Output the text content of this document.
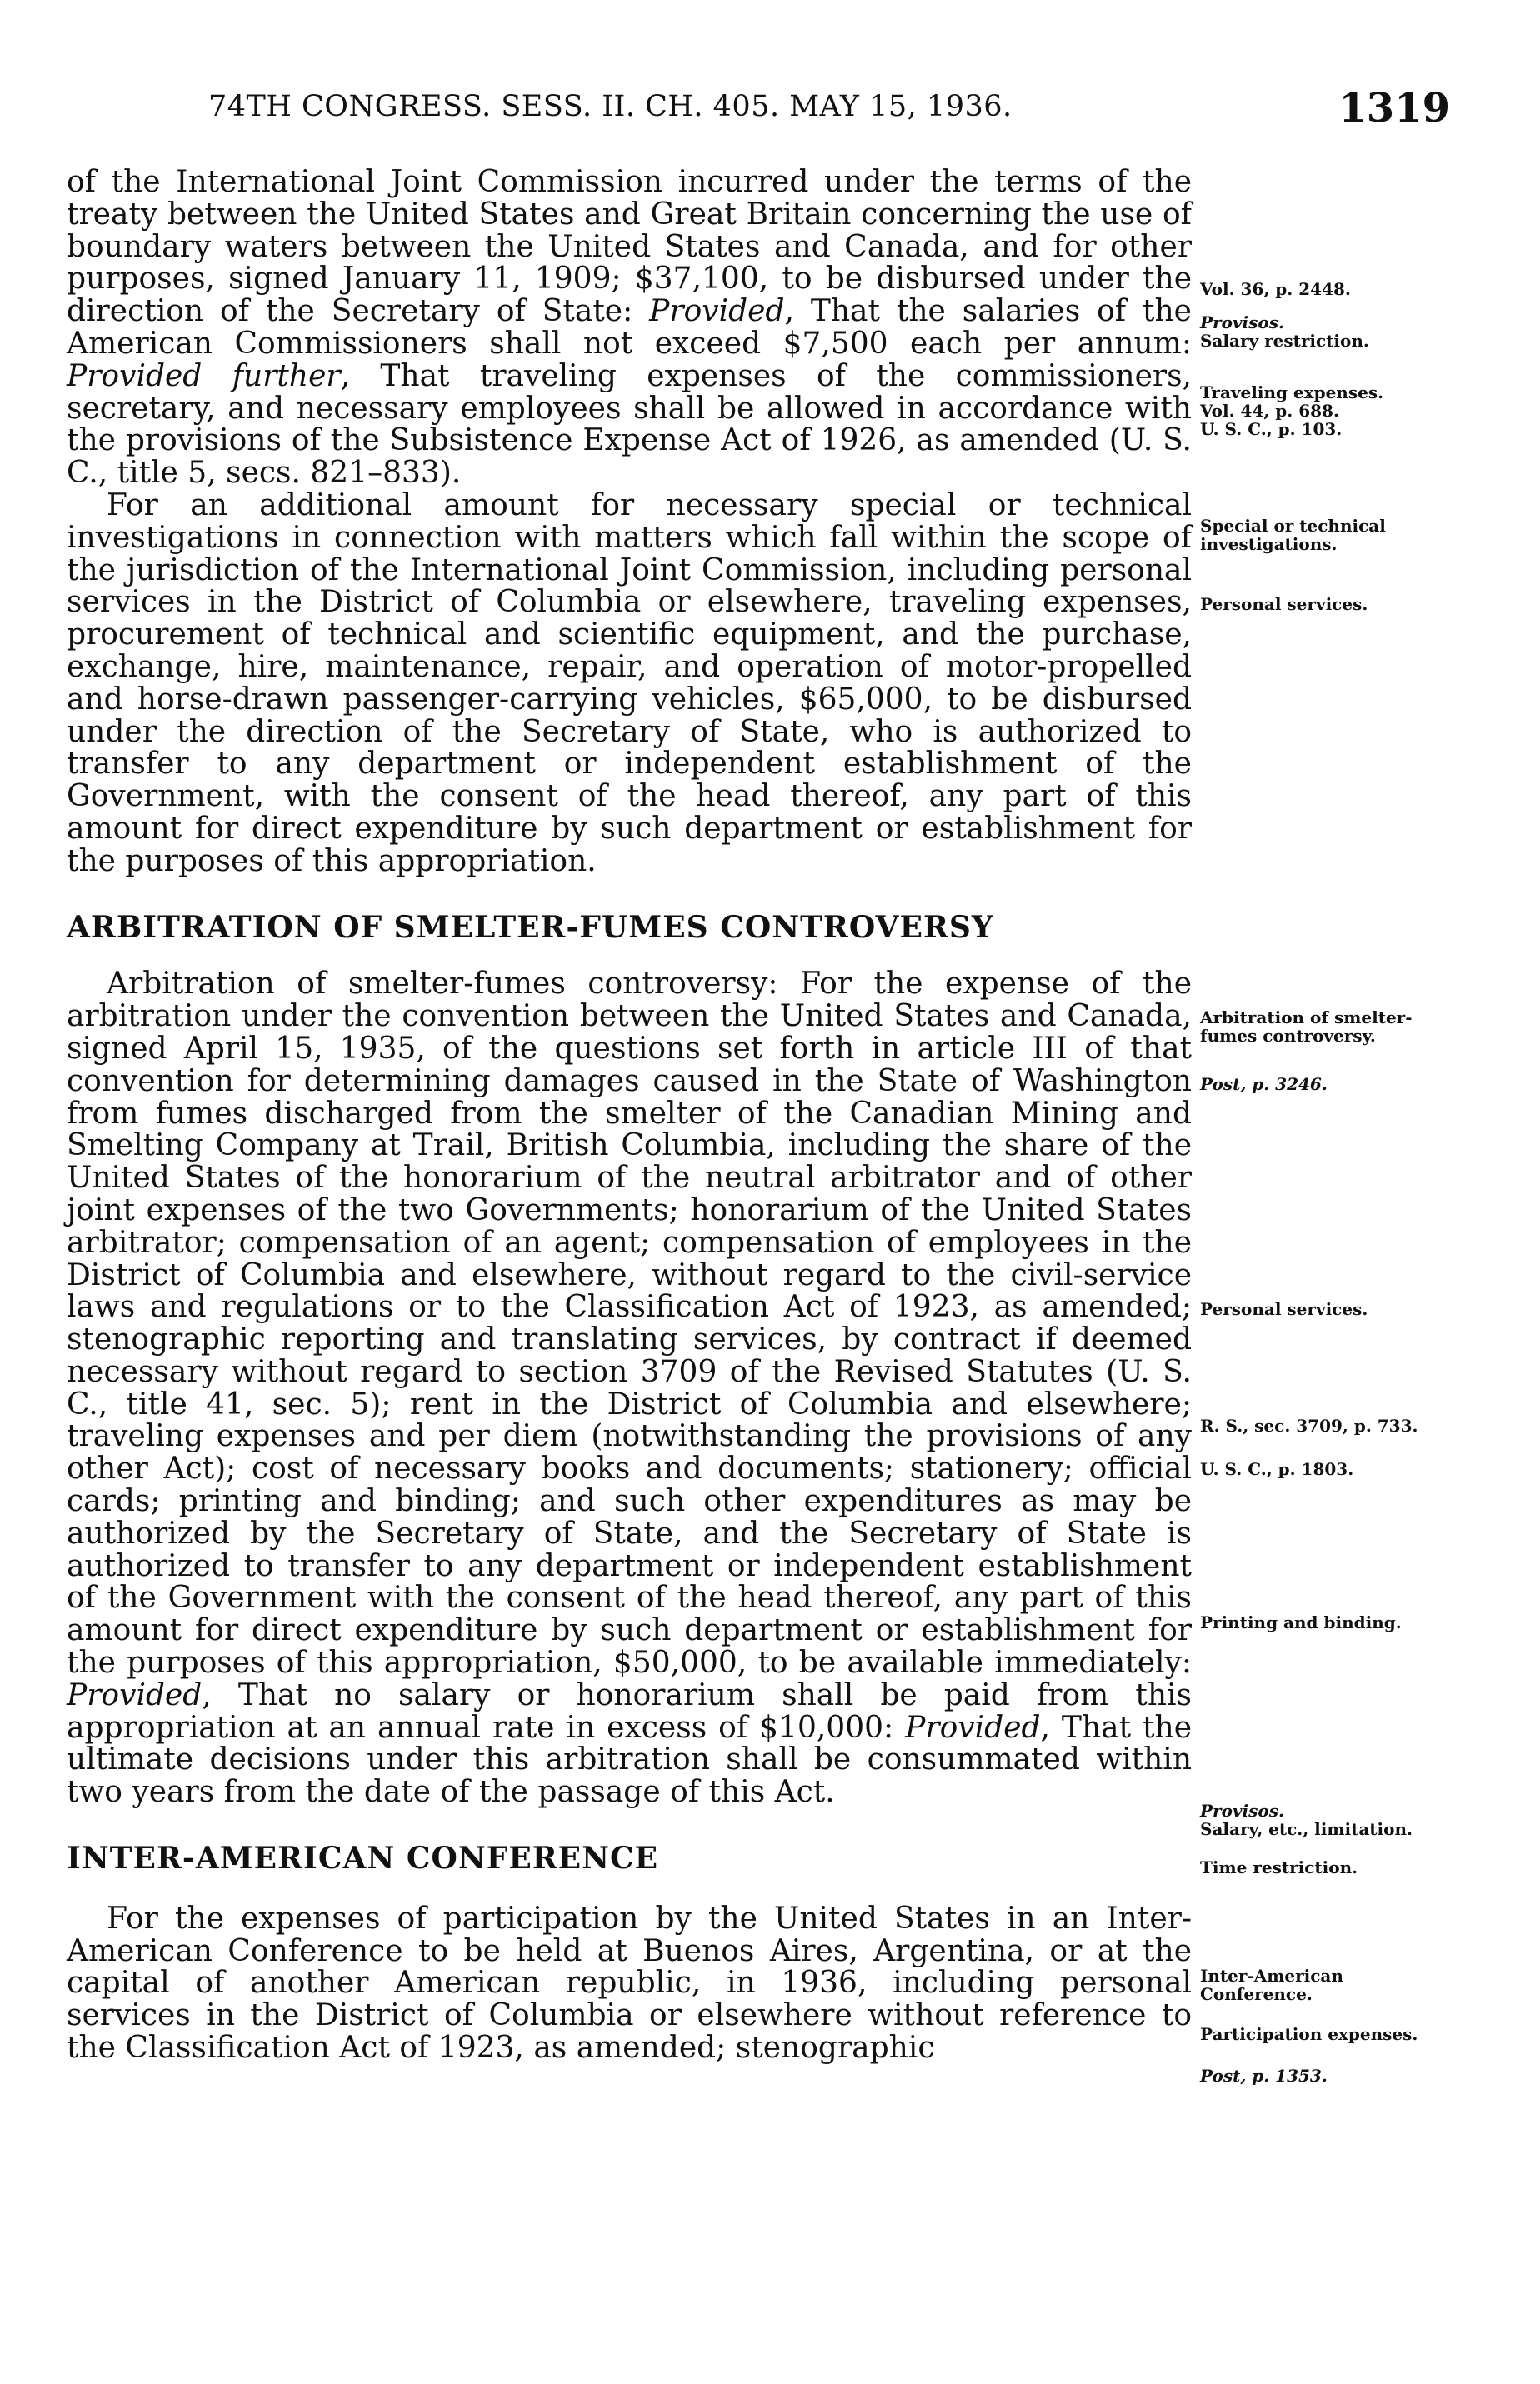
74TH CONGRESS. SESS. II. CH. 405. MAY 15, 1936.	1319

of the International Joint Commission incurred under the terms of the treaty between the United States and Great Britain concerning the use of boundary waters between the United States and Canada, and for other purposes, signed January 11, 1909; $37,100, to be disbursed under the direction of the Secretary of State: Provided, That the salaries of the American Commissioners shall not exceed $7,500 each per annum: Provided further, That traveling expenses of the commissioners, secretary, and necessary employees shall be allowed in accordance with the provisions of the Subsistence Expense Act of 1926, as amended (U. S. C., title 5, secs. 821–833).

For an additional amount for necessary special or technical investigations in connection with matters which fall within the scope of the jurisdiction of the International Joint Commission, including personal services in the District of Columbia or elsewhere, traveling expenses, procurement of technical and scientific equipment, and the purchase, exchange, hire, maintenance, repair, and operation of motor-propelled and horse-drawn passenger-carrying vehicles, $65,000, to be disbursed under the direction of the Secretary of State, who is authorized to transfer to any department or independent establishment of the Government, with the consent of the head thereof, any part of this amount for direct expenditure by such department or establishment for the purposes of this appropriation.

ARBITRATION OF SMELTER-FUMES CONTROVERSY

Arbitration of smelter-fumes controversy: For the expense of the arbitration under the convention between the United States and Canada, signed April 15, 1935, of the questions set forth in article III of that convention for determining damages caused in the State of Washington from fumes discharged from the smelter of the Canadian Mining and Smelting Company at Trail, British Columbia, including the share of the United States of the honorarium of the neutral arbitrator and of other joint expenses of the two Governments; honorarium of the United States arbitrator; compensation of an agent; compensation of employees in the District of Columbia and elsewhere, without regard to the civil-service laws and regulations or to the Classification Act of 1923, as amended; stenographic reporting and translating services, by contract if deemed necessary without regard to section 3709 of the Revised Statutes (U. S. C., title 41, sec. 5); rent in the District of Columbia and elsewhere; traveling expenses and per diem (notwithstanding the provisions of any other Act); cost of necessary books and documents; stationery; official cards; printing and binding; and such other expenditures as may be authorized by the Secretary of State, and the Secretary of State is authorized to transfer to any department or independent establishment of the Government with the consent of the head thereof, any part of this amount for direct expenditure by such department or establishment for the purposes of this appropriation, $50,000, to be available immediately: Provided, That no salary or honorarium shall be paid from this appropriation at an annual rate in excess of $10,000: Provided, That the ultimate decisions under this arbitration shall be consummated within two years from the date of the passage of this Act.

INTER-AMERICAN CONFERENCE

For the expenses of participation by the United States in an Inter-American Conference to be held at Buenos Aires, Argentina, or at the capital of another American republic, in 1936, including personal services in the District of Columbia or elsewhere without reference to the Classification Act of 1923, as amended; stenographic

Vol. 36, p. 2448.
Provisos.
Salary restriction.
Traveling expenses.
Vol. 44, p. 688.
U. S. C., p. 103.
Special or technical investigations.
Personal services.
Arbitration of smelter-fumes controversy.
Post, p. 3246.
Personal services.
R. S., sec. 3709, p. 733.
U. S. C., p. 1803.
Printing and binding.
Provisos.
Salary, etc., limitation.
Time restriction.
Inter-American Conference.
Participation expenses.
Post, p. 1353.
